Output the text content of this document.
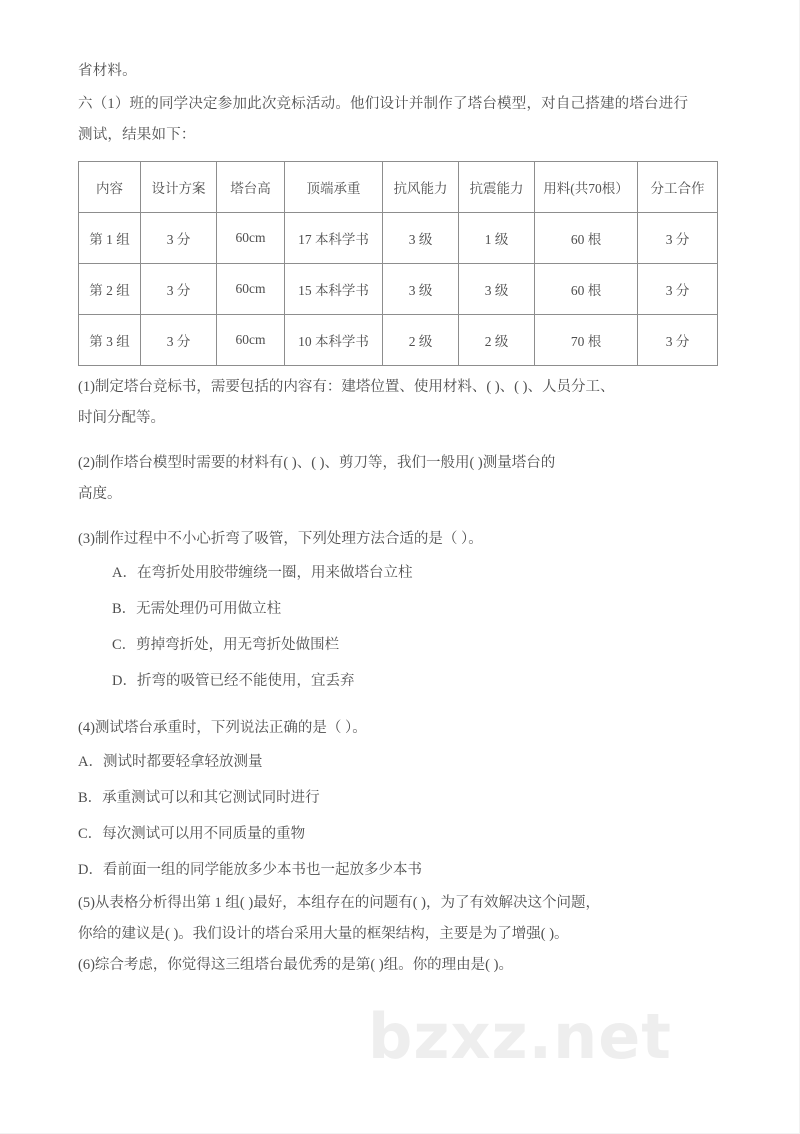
bzxz.net

省材料。

六（1）班的同学决定参加此次竞标活动。他们设计并制作了塔台模型，对自己搭建的塔台进行

测试，结果如下：

内容	设计方案	塔台高	顶端承重	抗风能力	抗震能力	用料(共70根）	分工合作
第 1 组	3 分	60cm	17 本科学书	3 级	1 级	60 根	3 分
第 2 组	3 分	60cm	15 本科学书	3 级	3 级	60 根	3 分
第 3 组	3 分	60cm	10 本科学书	2 级	2 级	70 根	3 分

(1)制定塔台竞标书，需要包括的内容有：建塔位置、使用材料、( )、( )、人员分工、

时间分配等。

(2)制作塔台模型时需要的材料有( )、( )、剪刀等，我们一般用( )测量塔台的

高度。

(3)制作过程中不小心折弯了吸管，下列处理方法合适的是（ ）。

A．在弯折处用胶带缠绕一圈，用来做塔台立柱

B．无需处理仍可用做立柱

C．剪掉弯折处，用无弯折处做围栏

D．折弯的吸管已经不能使用，宜丢弃

(4)测试塔台承重时，下列说法正确的是（ ）。

A．测试时都要轻拿轻放测量

B．承重测试可以和其它测试同时进行

C．每次测试可以用不同质量的重物

D．看前面一组的同学能放多少本书也一起放多少本书

(5)从表格分析得出第 1 组( )最好，本组存在的问题有( )，为了有效解决这个问题，

你给的建议是( )。我们设计的塔台采用大量的框架结构，主要是为了增强( )。

(6)综合考虑，你觉得这三组塔台最优秀的是第( )组。你的理由是( )。
